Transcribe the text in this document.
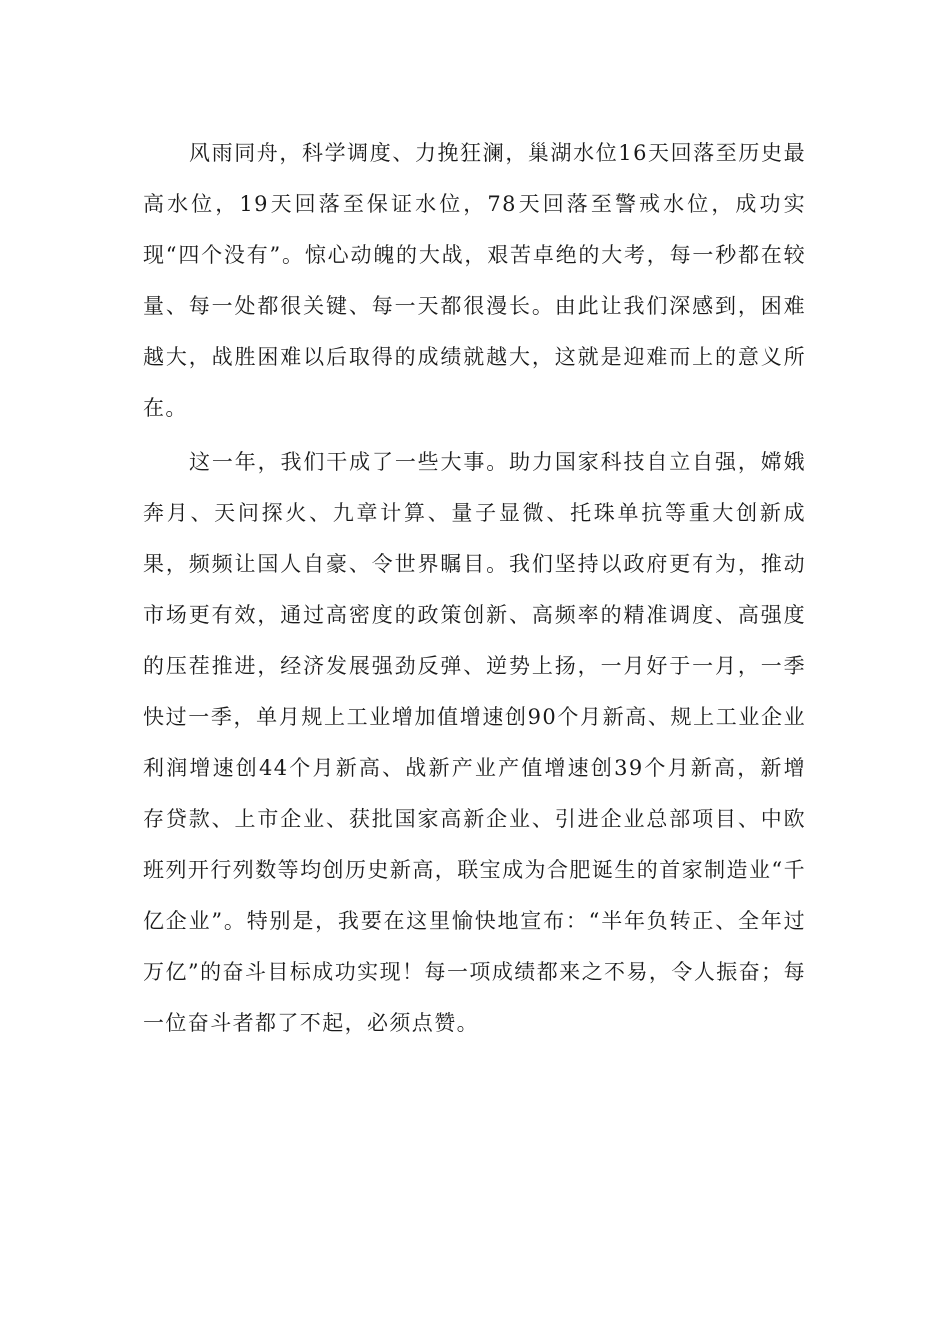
风雨同舟，科学调度、力挽狂澜，巢湖水位16天回落至历史最高水位，19天回落至保证水位，78天回落至警戒水位，成功实现“四个没有”。惊心动魄的大战，艰苦卓绝的大考，每一秒都在较量、每一处都很关键、每一天都很漫长。由此让我们深感到，困难越大，战胜困难以后取得的成绩就越大，这就是迎难而上的意义所在。

这一年，我们干成了一些大事。助力国家科技自立自强，嫦娥奔月、天问探火、九章计算、量子显微、托珠单抗等重大创新成果，频频让国人自豪、令世界瞩目。我们坚持以政府更有为，推动市场更有效，通过高密度的政策创新、高频率的精准调度、高强度的压茬推进，经济发展强劲反弹、逆势上扬，一月好于一月，一季快过一季，单月规上工业增加值增速创90个月新高、规上工业企业利润增速创44个月新高、战新产业产值增速创39个月新高，新增存贷款、上市企业、获批国家高新企业、引进企业总部项目、中欧班列开行列数等均创历史新高，联宝成为合肥诞生的首家制造业“千亿企业”。特别是，我要在这里愉快地宣布：“半年负转正、全年过万亿”的奋斗目标成功实现！每一项成绩都来之不易，令人振奋；每一位奋斗者都了不起，必须点赞。
